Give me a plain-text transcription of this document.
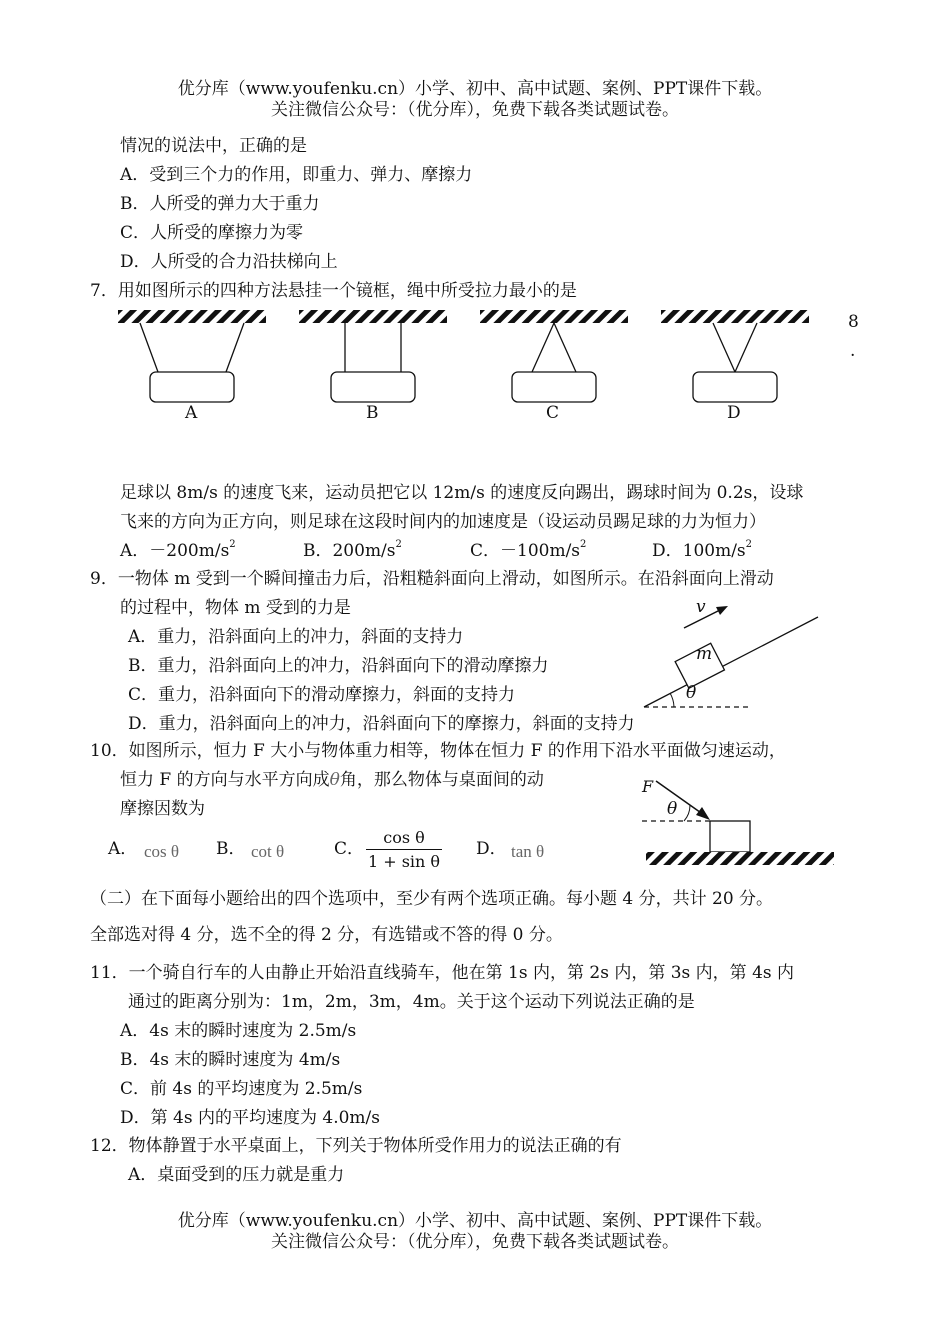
优分库（www.youfenku.cn）小学、初中、高中试题、案例、PPT课件下载。
关注微信公众号：（优分库），免费下载各类试题试卷。
情况的说法中，正确的是
A．受到三个力的作用，即重力、弹力、摩擦力
B．人所受的弹力大于重力
C．人所受的摩擦力为零
D．人所受的合力沿扶梯向上
7．用如图所示的四种方法悬挂一个镜框，绳中所受拉力最小的是
A	B	C	D
8
.
足球以 8m/s 的速度飞来，运动员把它以 12m/s 的速度反向踢出，踢球时间为 0.2s，设球
飞来的方向为正方向，则足球在这段时间内的加速度是（设运动员踢足球的力为恒力）
A．$-200m/s^2$	B．$200m/s^2$	C．$-100m/s^2$	D．$100m/s^2$
9．一物体 m 受到一个瞬间撞击力后，沿粗糙斜面向上滑动，如图所示。在沿斜面向上滑动
的过程中，物体 m 受到的力是
A．重力，沿斜面向上的冲力，斜面的支持力
B．重力，沿斜面向上的冲力，沿斜面向下的滑动摩擦力
C．重力，沿斜面向下的滑动摩擦力，斜面的支持力
D．重力，沿斜面向上的冲力，沿斜面向下的摩擦力，斜面的支持力
v
m
θ
10．如图所示，恒力 F 大小与物体重力相等，物体在恒力 F 的作用下沿水平面做匀速运动，
恒力 F 的方向与水平方向成θ角，那么物体与桌面间的动
摩擦因数为
A． cos θ B． cot θ	C．
cos θ
1 + sin θ
D． tan θ
F
θ
（二）在下面每小题给出的四个选项中，至少有两个选项正确。每小题 4 分，共计 20 分。
全部选对得 4 分，选不全的得 2 分，有选错或不答的得 0 分。
11．一个骑自行车的人由静止开始沿直线骑车，他在第 1s 内，第 2s 内，第 3s 内，第 4s 内
通过的距离分别为：1m，2m，3m，4m。关于这个运动下列说法正确的是
A．4s 末的瞬时速度为 2.5m/s
B．4s 末的瞬时速度为 4m/s
C．前 4s 的平均速度为 2.5m/s
D．第 4s 内的平均速度为 4.0m/s
12．物体静置于水平桌面上，下列关于物体所受作用力的说法正确的有
A．桌面受到的压力就是重力
优分库（www.youfenku.cn）小学、初中、高中试题、案例、PPT课件下载。
关注微信公众号：（优分库），免费下载各类试题试卷。
